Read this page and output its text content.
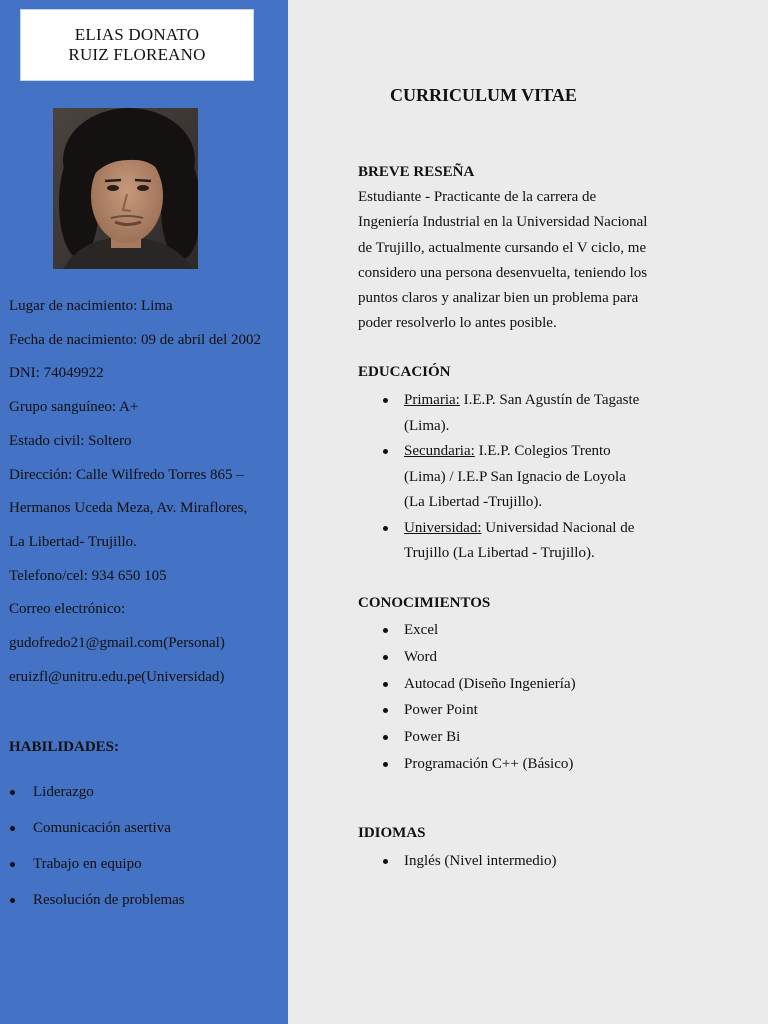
ELIAS DONATO
RUIZ FLOREANO
Lugar de nacimiento: Lima
Fecha de nacimiento: 09 de abril del 2002
DNI: 74049922
Grupo sanguíneo: A+
Estado civil: Soltero
Dirección: Calle Wilfredo Torres 865 –
Hermanos Uceda Meza, Av. Miraflores,
La Libertad- Trujillo.
Telefono/cel: 934 650 105
Correo electrónico:
gudofredo21@gmail.com(Personal)
eruizfl@unitru.edu.pe(Universidad)
HABILIDADES:
Liderazgo
Comunicación asertiva
Trabajo en equipo
Resolución de problemas
CURRICULUM VITAE
BREVE RESEÑA
Estudiante - Practicante de la carrera de
Ingeniería Industrial en la Universidad Nacional
de Trujillo, actualmente cursando el V ciclo, me
considero una persona desenvuelta, teniendo los
puntos claros y analizar bien un problema para
poder resolverlo lo antes posible.
EDUCACIÓN
Primaria: I.E.P. San Agustín de Tagaste
(Lima).
Secundaria: I.E.P. Colegios Trento
(Lima) / I.E.P San Ignacio de Loyola
(La Libertad -Trujillo).
Universidad: Universidad Nacional de
Trujillo (La Libertad - Trujillo).
CONOCIMIENTOS
Excel
Word
Autocad (Diseño Ingeniería)
Power Point
Power Bi
Programación C++ (Básico)
IDIOMAS
Inglés (Nivel intermedio)
